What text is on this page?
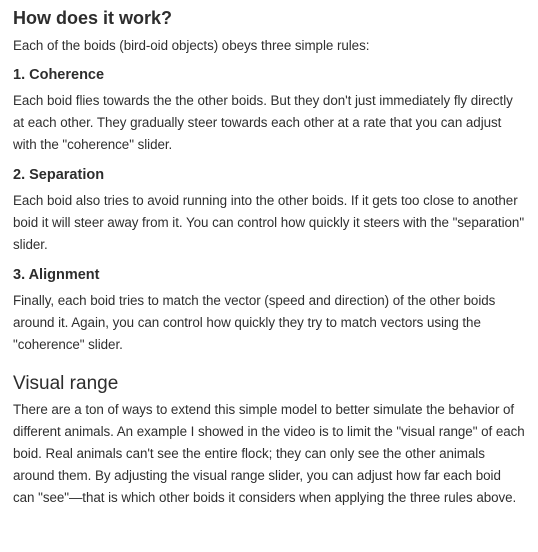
How does it work?

Each of the boids (bird-oid objects) obeys three simple rules:

1. Coherence

Each boid flies towards the the other boids. But they don't just immediately fly directly at each other. They gradually steer towards each other at a rate that you can adjust with the "coherence" slider.

2. Separation

Each boid also tries to avoid running into the other boids. If it gets too close to another boid it will steer away from it. You can control how quickly it steers with the "separation" slider.

3. Alignment

Finally, each boid tries to match the vector (speed and direction) of the other boids around it. Again, you can control how quickly they try to match vectors using the "coherence" slider.

Visual range

There are a ton of ways to extend this simple model to better simulate the behavior of different animals. An example I showed in the video is to limit the "visual range" of each boid. Real animals can't see the entire flock; they can only see the other animals around them. By adjusting the visual range slider, you can adjust how far each boid can "see"—that is which other boids it considers when applying the three rules above.
